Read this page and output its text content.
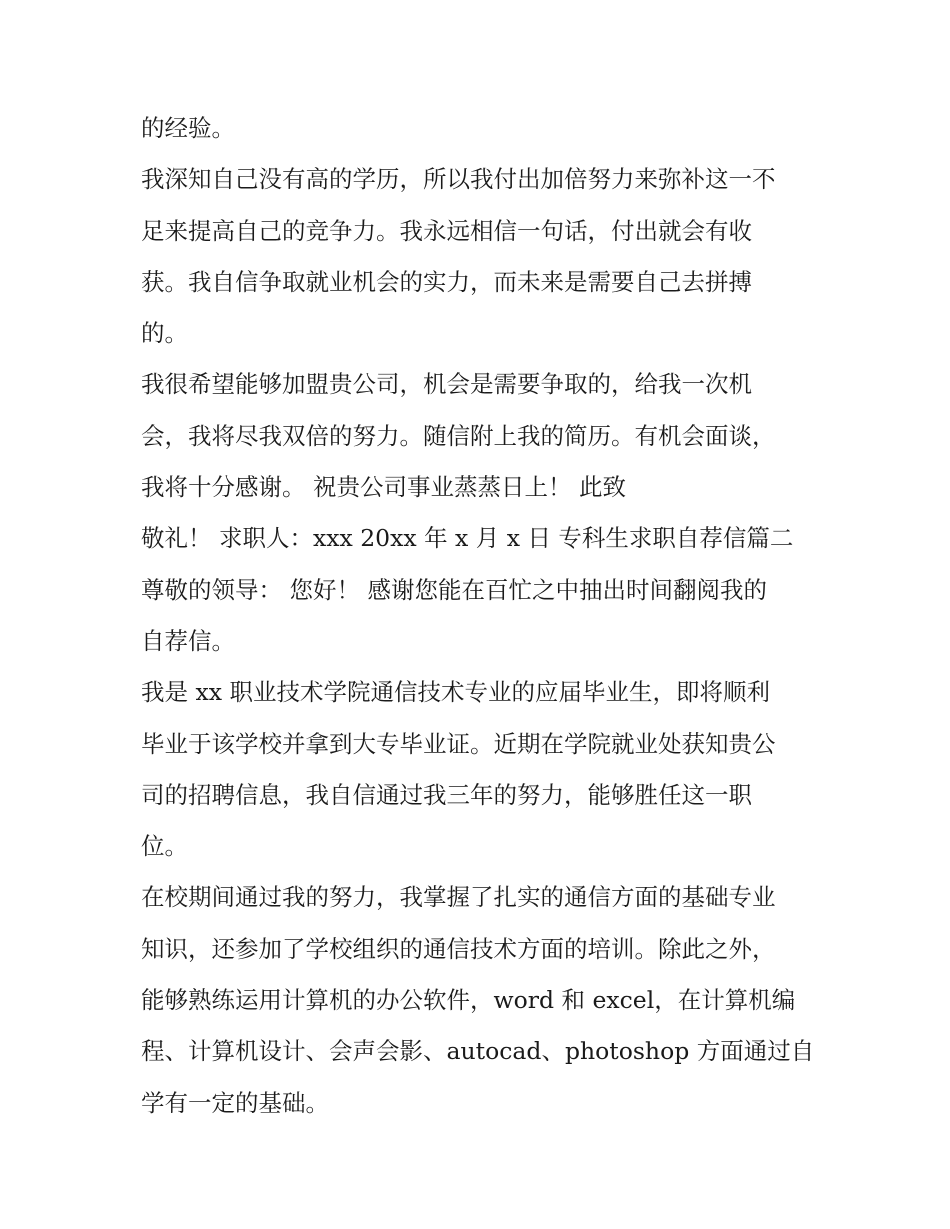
的经验。
我深知自己没有高的学历，所以我付出加倍努力来弥补这一不
足来提高自己的竞争力。我永远相信一句话，付出就会有收
获。我自信争取就业机会的实力，而未来是需要自己去拼搏
的。
我很希望能够加盟贵公司，机会是需要争取的，给我一次机
会，我将尽我双倍的努力。随信附上我的简历。有机会面谈，
我将十分感谢。 祝贵公司事业蒸蒸日上！ 此致
敬礼！ 求职人：xxx 20xx 年 x 月 x 日 专科生求职自荐信篇二
尊敬的领导： 您好！ 感谢您能在百忙之中抽出时间翻阅我的
自荐信。
我是 xx 职业技术学院通信技术专业的应届毕业生，即将顺利
毕业于该学校并拿到大专毕业证。近期在学院就业处获知贵公
司的招聘信息，我自信通过我三年的努力，能够胜任这一职
位。
在校期间通过我的努力，我掌握了扎实的通信方面的基础专业
知识，还参加了学校组织的通信技术方面的培训。除此之外，
能够熟练运用计算机的办公软件，word 和 excel，在计算机编
程、计算机设计、会声会影、autocad、photoshop 方面通过自
学有一定的基础。
